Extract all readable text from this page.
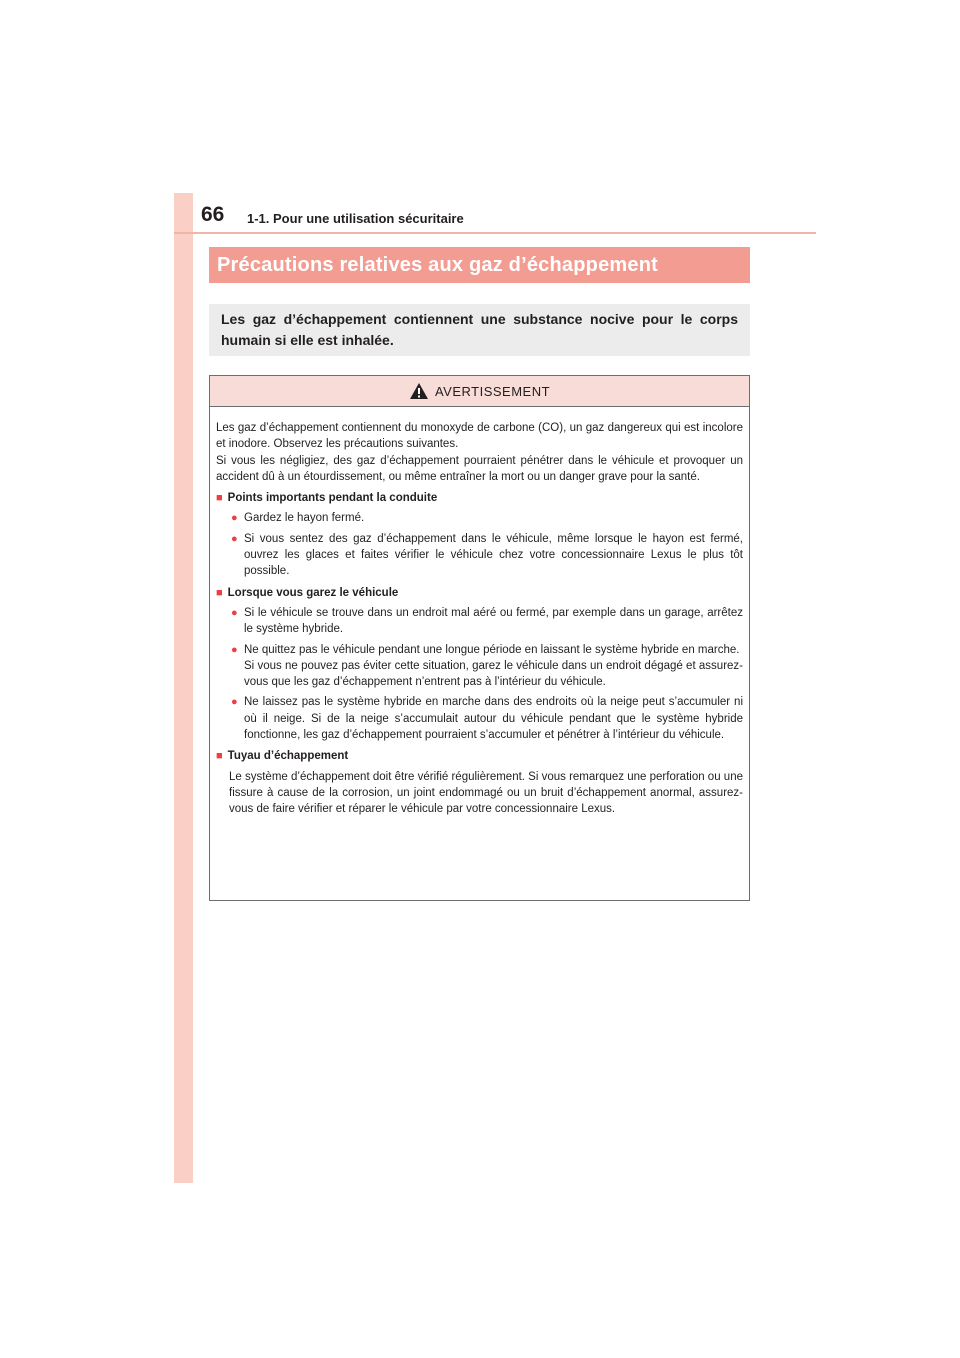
66 1-1. Pour une utilisation sécuritaire
Précautions relatives aux gaz d’échappement
Les gaz d’échappement contiennent une substance nocive pour le corps humain si elle est inhalée.
AVERTISSEMENT

Les gaz d’échappement contiennent du monoxyde de carbone (CO), un gaz dangereux qui est incolore et inodore. Observez les précautions suivantes.

Si vous les négligiez, des gaz d’échappement pourraient pénétrer dans le véhicule et provoquer un accident dû à un étourdissement, ou même entraîner la mort ou un danger grave pour la santé.

■ Points importants pendant la conduite
● Gardez le hayon fermé.
● Si vous sentez des gaz d’échappement dans le véhicule, même lorsque le hayon est fermé, ouvrez les glaces et faites vérifier le véhicule chez votre concessionnaire Lexus le plus tôt possible.
■ Lorsque vous garez le véhicule
● Si le véhicule se trouve dans un endroit mal aéré ou fermé, par exemple dans un garage, arrêtez le système hybride.
● Ne quittez pas le véhicule pendant une longue période en laissant le système hybride en marche.
Si vous ne pouvez pas éviter cette situation, garez le véhicule dans un endroit dégagé et assurez-vous que les gaz d’échappement n’entrent pas à l’intérieur du véhicule.
● Ne laissez pas le système hybride en marche dans des endroits où la neige peut s’accumuler ni où il neige. Si de la neige s’accumulait autour du véhicule pendant que le système hybride fonctionne, les gaz d’échappement pourraient s’accumuler et pénétrer à l’intérieur du véhicule.
■ Tuyau d’échappement
Le système d’échappement doit être vérifié régulièrement. Si vous remarquez une perforation ou une fissure à cause de la corrosion, un joint endommagé ou un bruit d’échappement anormal, assurez-vous de faire vérifier et réparer le véhicule par votre concessionnaire Lexus.
